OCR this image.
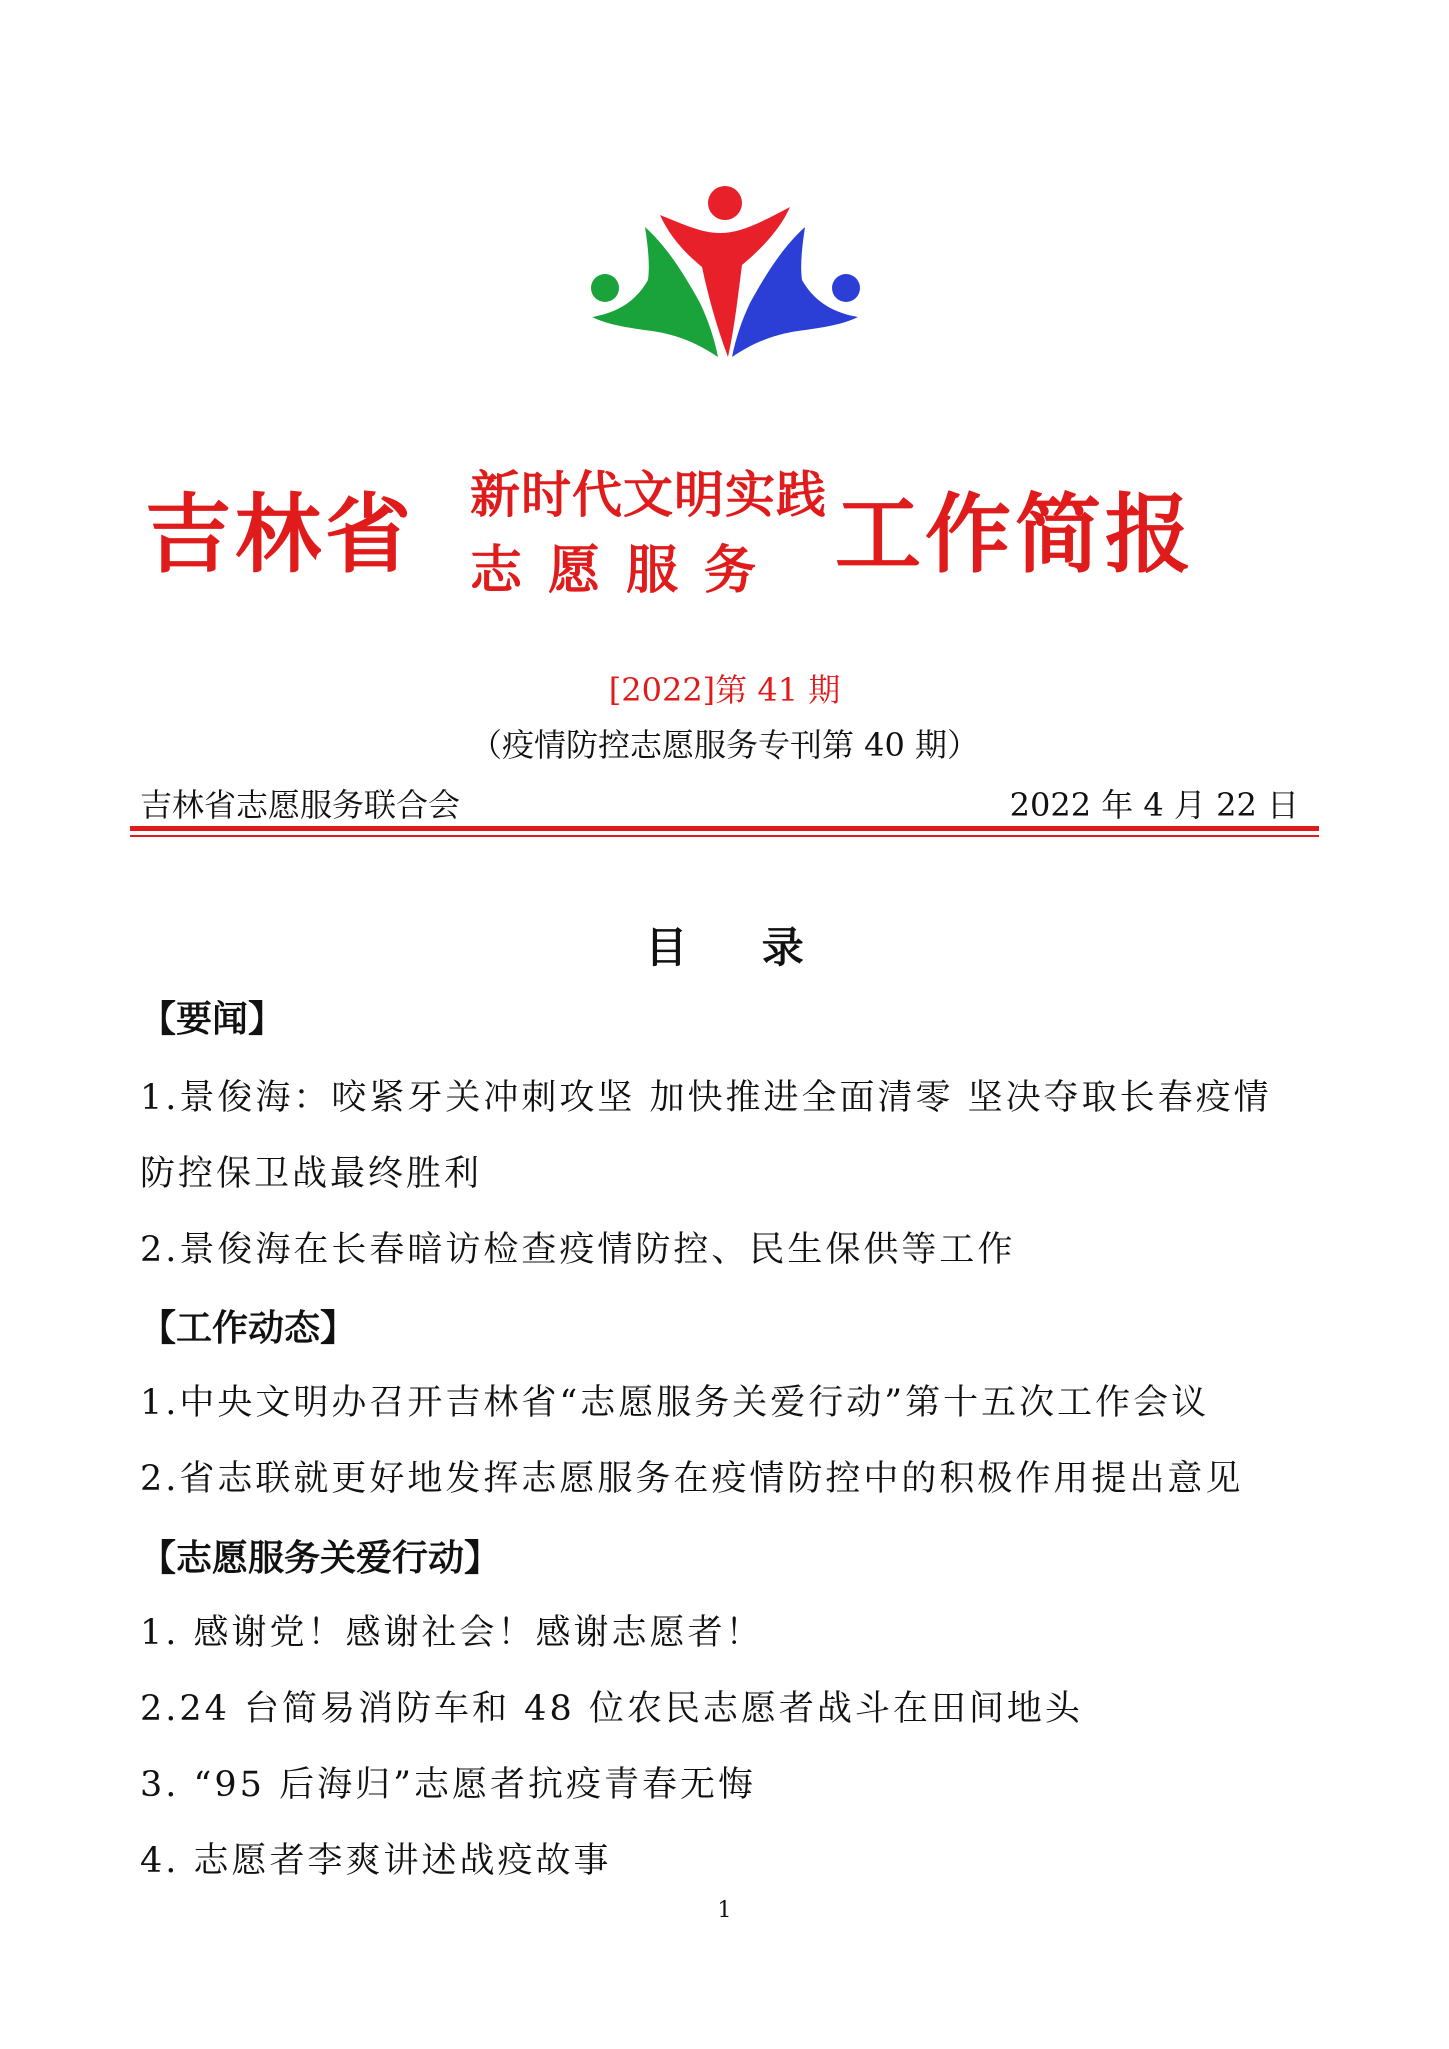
吉林省 新时代文明实践
志愿服务 工作简报
[2022]第 41 期
（疫情防控志愿服务专刊第 40 期）
吉林省志愿服务联合会	2022 年 4 月 22 日
目 录
【要闻】
1.景俊海：咬紧牙关冲刺攻坚 加快推进全面清零 坚决夺取长春疫情
防控保卫战最终胜利
2.景俊海在长春暗访检查疫情防控、民生保供等工作
【工作动态】
1.中央文明办召开吉林省“志愿服务关爱行动”第十五次工作会议
2.省志联就更好地发挥志愿服务在疫情防控中的积极作用提出意见
【志愿服务关爱行动】
1. 感谢党！感谢社会！感谢志愿者！
2.24 台简易消防车和 48 位农民志愿者战斗在田间地头
3. “95 后海归”志愿者抗疫青春无悔
4. 志愿者李爽讲述战疫故事
1
